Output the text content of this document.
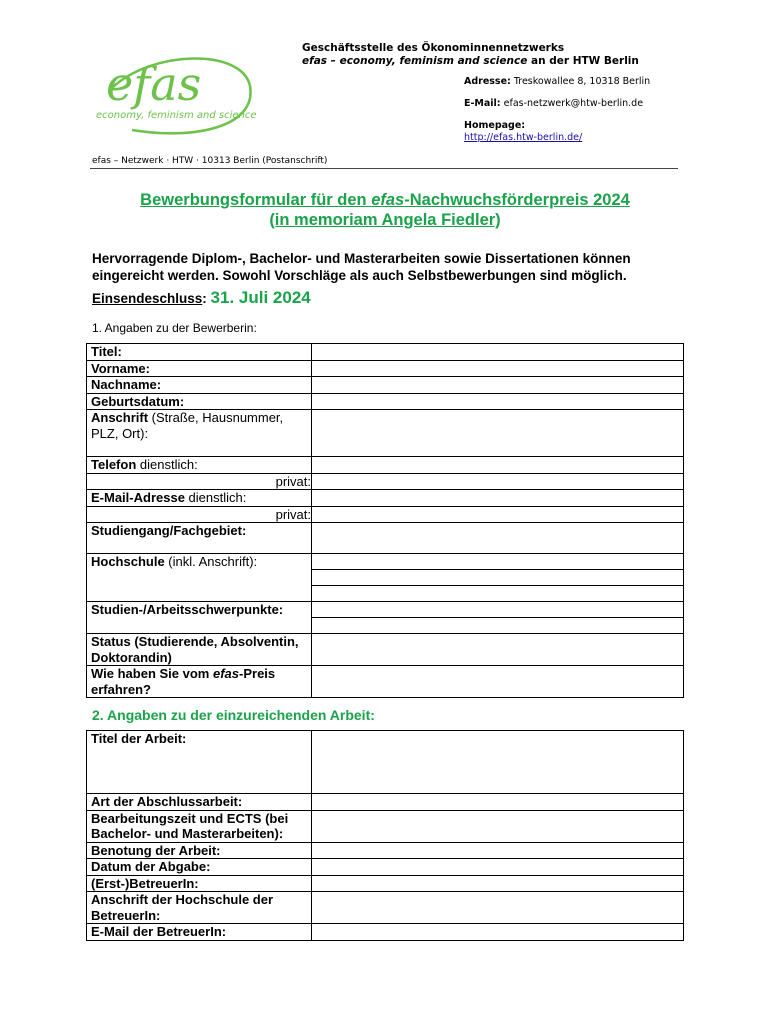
efas
economy, feminism and science
Geschäftsstelle des Ökonominnennetzwerks
efas – economy, feminism and science an der HTW Berlin
Adresse: Treskowallee 8, 10318 Berlin
E-Mail: efas-netzwerk@htw-berlin.de
Homepage:
http://efas.htw-berlin.de/
efas – Netzwerk · HTW · 10313 Berlin (Postanschrift)
Bewerbungsformular für den efas-Nachwuchsförderpreis 2024
(in memoriam Angela Fiedler)
Hervorragende Diplom-, Bachelor- und Masterarbeiten sowie Dissertationen können eingereicht werden. Sowohl Vorschläge als auch Selbstbewerbungen sind möglich.
Einsendeschluss: 31. Juli 2024
1. Angaben zu der Bewerberin:
Titel:	
Vorname:	
Nachname:	
Geburtsdatum:	
Anschrift (Straße, Hausnummer, PLZ, Ort):	
Telefon dienstlich:	
privat:	
E-Mail-Adresse dienstlich:	
privat:	
Studiengang/Fachgebiet:	
Hochschule (inkl. Anschrift):	

Studien-/Arbeitsschwerpunkte:	

Status (Studierende, Absolventin, Doktorandin)	
Wie haben Sie vom efas-Preis erfahren?	
2. Angaben zu der einzureichenden Arbeit:
Titel der Arbeit:	
Art der Abschlussarbeit:	
Bearbeitungszeit und ECTS (bei Bachelor- und Masterarbeiten):	
Benotung der Arbeit:	
Datum der Abgabe:	
(Erst-)BetreuerIn:	
Anschrift der Hochschule der BetreuerIn:	
E-Mail der BetreuerIn:	
